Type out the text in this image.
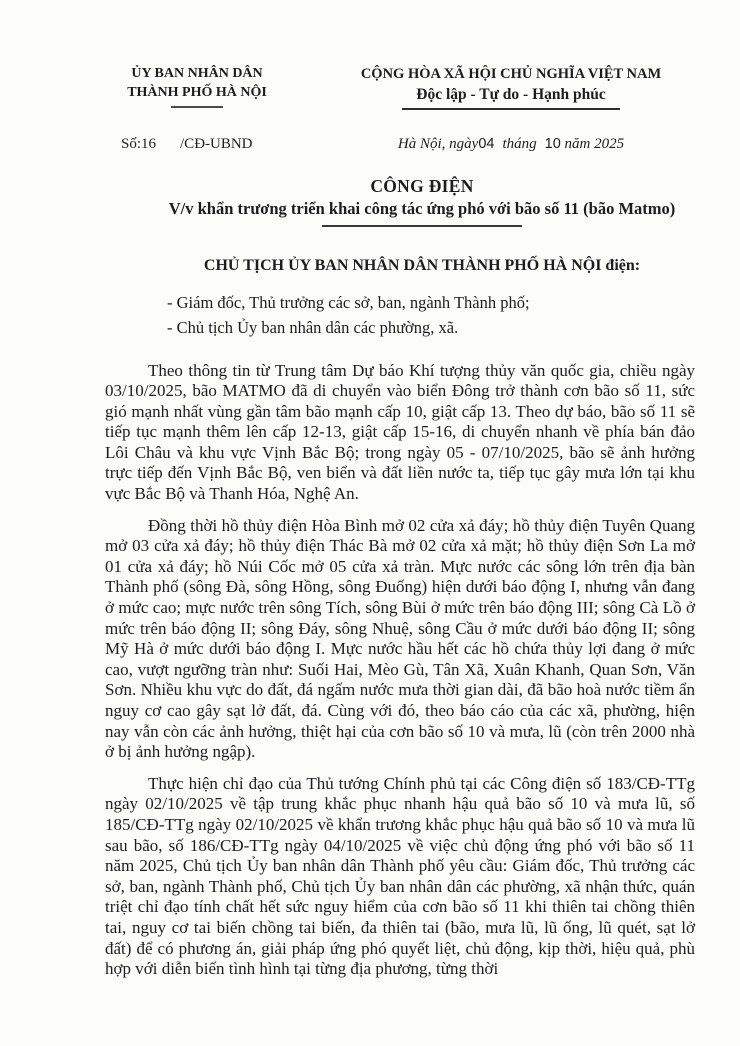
ỦY BAN NHÂN DÂN
THÀNH PHỐ HÀ NỘI
CỘNG HÒA XÃ HỘI CHỦ NGHĨA VIỆT NAM
Độc lập - Tự do - Hạnh phúc
Số:16 /CĐ-UBND	Hà Nội, ngày04 tháng 10 năm 2025
CÔNG ĐIỆN
V/v khẩn trương triển khai công tác ứng phó với bão số 11 (bão Matmo)
CHỦ TỊCH ỦY BAN NHÂN DÂN THÀNH PHỐ HÀ NỘI điện:
- Giám đốc, Thủ trưởng các sở, ban, ngành Thành phố;
- Chủ tịch Ủy ban nhân dân các phường, xã.

Theo thông tin từ Trung tâm Dự báo Khí tượng thủy văn quốc gia, chiều ngày 03/10/2025, bão MATMO đã di chuyển vào biển Đông trở thành cơn bão số 11, sức gió mạnh nhất vùng gần tâm bão mạnh cấp 10, giật cấp 13. Theo dự báo, bão số 11 sẽ tiếp tục mạnh thêm lên cấp 12-13, giật cấp 15-16, di chuyển nhanh về phía bán đảo Lôi Châu và khu vực Vịnh Bắc Bộ; trong ngày 05 - 07/10/2025, bão sẽ ảnh hưởng trực tiếp đến Vịnh Bắc Bộ, ven biển và đất liền nước ta, tiếp tục gây mưa lớn tại khu vực Bắc Bộ và Thanh Hóa, Nghệ An.

Đồng thời hồ thủy điện Hòa Bình mở 02 cửa xả đáy; hồ thủy điện Tuyên Quang mở 03 cửa xả đáy; hồ thủy điện Thác Bà mở 02 cửa xả mặt; hồ thủy điện Sơn La mở 01 cửa xả đáy; hồ Núi Cốc mở 05 cửa xả tràn. Mực nước các sông lớn trên địa bàn Thành phố (sông Đà, sông Hồng, sông Đuống) hiện dưới báo động I, nhưng vẫn đang ở mức cao; mực nước trên sông Tích, sông Bùi ở mức trên báo động III; sông Cà Lồ ở mức trên báo động II; sông Đáy, sông Nhuệ, sông Cầu ở mức dưới báo động II; sông Mỹ Hà ở mức dưới báo động I. Mực nước hầu hết các hồ chứa thủy lợi đang ở mức cao, vượt ngưỡng tràn như: Suối Hai, Mèo Gù, Tân Xã, Xuân Khanh, Quan Sơn, Văn Sơn. Nhiều khu vực do đất, đá ngấm nước mưa thời gian dài, đã bão hoà nước tiềm ẩn nguy cơ cao gây sạt lở đất, đá. Cùng với đó, theo báo cáo của các xã, phường, hiện nay vẫn còn các ảnh hưởng, thiệt hại của cơn bão số 10 và mưa, lũ (còn trên 2000 nhà ở bị ảnh hưởng ngập).

Thực hiện chỉ đạo của Thủ tướng Chính phủ tại các Công điện số 183/CĐ-TTg ngày 02/10/2025 về tập trung khắc phục nhanh hậu quả bão số 10 và mưa lũ, số 185/CĐ-TTg ngày 02/10/2025 về khẩn trương khắc phục hậu quả bão số 10 và mưa lũ sau bão, số 186/CĐ-TTg ngày 04/10/2025 về việc chủ động ứng phó với bão số 11 năm 2025, Chủ tịch Ủy ban nhân dân Thành phố yêu cầu: Giám đốc, Thủ trưởng các sở, ban, ngành Thành phố, Chủ tịch Ủy ban nhân dân các phường, xã nhận thức, quán triệt chỉ đạo tính chất hết sức nguy hiểm của cơn bão số 11 khi thiên tai chồng thiên tai, nguy cơ tai biến chồng tai biến, đa thiên tai (bão, mưa lũ, lũ ống, lũ quét, sạt lở đất) để có phương án, giải pháp ứng phó quyết liệt, chủ động, kịp thời, hiệu quả, phù hợp với diễn biến tình hình tại từng địa phương, từng thời
